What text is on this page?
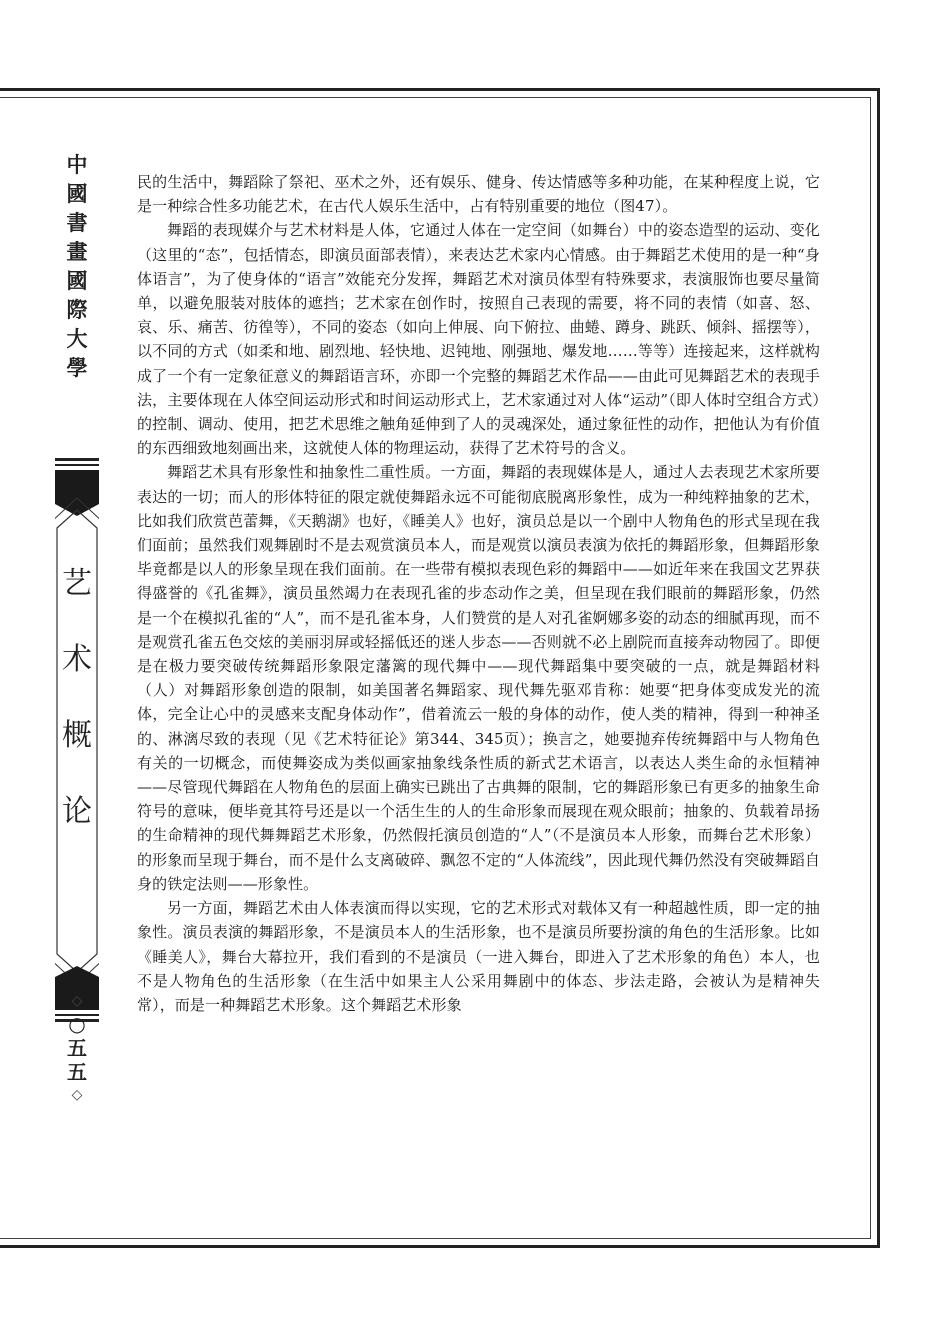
中
國
書
畫
國
際
大
學
艺
术
概
论
◇
○
五
五
◇

民的生活中，舞蹈除了祭祀、巫术之外，还有娱乐、健身、传达情感等多种功能，在某种程度上说，它是一种综合性多功能艺术，在古代人娱乐生活中，占有特别重要的地位（图47）。

舞蹈的表现媒介与艺术材料是人体，它通过人体在一定空间（如舞台）中的姿态造型的运动、变化（这里的“态”，包括情态，即演员面部表情），来表达艺术家内心情感。由于舞蹈艺术使用的是一种“身体语言”，为了使身体的“语言”效能充分发挥，舞蹈艺术对演员体型有特殊要求，表演服饰也要尽量简单，以避免服装对肢体的遮挡；艺术家在创作时，按照自己表现的需要，将不同的表情（如喜、怒、哀、乐、痛苦、彷徨等），不同的姿态（如向上伸展、向下俯拉、曲蜷、蹲身、跳跃、倾斜、摇摆等），以不同的方式（如柔和地、剧烈地、轻快地、迟钝地、刚强地、爆发地……等等）连接起来，这样就构成了一个有一定象征意义的舞蹈语言环，亦即一个完整的舞蹈艺术作品——由此可见舞蹈艺术的表现手法，主要体现在人体空间运动形式和时间运动形式上，艺术家通过对人体“运动”（即人体时空组合方式）的控制、调动、使用，把艺术思维之触角延伸到了人的灵魂深处，通过象征性的动作，把他认为有价值的东西细致地刻画出来，这就使人体的物理运动，获得了艺术符号的含义。

舞蹈艺术具有形象性和抽象性二重性质。一方面，舞蹈的表现媒体是人，通过人去表现艺术家所要表达的一切；而人的形体特征的限定就使舞蹈永远不可能彻底脱离形象性，成为一种纯粹抽象的艺术，比如我们欣赏芭蕾舞，《天鹅湖》也好，《睡美人》也好，演员总是以一个剧中人物角色的形式呈现在我们面前；虽然我们观舞剧时不是去观赏演员本人，而是观赏以演员表演为依托的舞蹈形象，但舞蹈形象毕竟都是以人的形象呈现在我们面前。在一些带有模拟表现色彩的舞蹈中——如近年来在我国文艺界获得盛誉的《孔雀舞》，演员虽然竭力在表现孔雀的步态动作之美，但呈现在我们眼前的舞蹈形象，仍然是一个在模拟孔雀的“人”，而不是孔雀本身，人们赞赏的是人对孔雀婀娜多姿的动态的细腻再现，而不是观赏孔雀五色交炫的美丽羽屏或轻摇低还的迷人步态——否则就不必上剧院而直接奔动物园了。即便是在极力要突破传统舞蹈形象限定藩篱的现代舞中——现代舞蹈集中要突破的一点，就是舞蹈材料（人）对舞蹈形象创造的限制，如美国著名舞蹈家、现代舞先驱邓肯称：她要“把身体变成发光的流体，完全让心中的灵感来支配身体动作”，借着流云一般的身体的动作，使人类的精神，得到一种神圣的、淋漓尽致的表现（见《艺术特征论》第344、345页）；换言之，她要抛弃传统舞蹈中与人物角色有关的一切概念，而使舞姿成为类似画家抽象线条性质的新式艺术语言，以表达人类生命的永恒精神——尽管现代舞蹈在人物角色的层面上确实已跳出了古典舞的限制，它的舞蹈形象已有更多的抽象生命符号的意味，便毕竟其符号还是以一个活生生的人的生命形象而展现在观众眼前；抽象的、负载着昂扬的生命精神的现代舞舞蹈艺术形象，仍然假托演员创造的“人”（不是演员本人形象，而舞台艺术形象）的形象而呈现于舞台，而不是什么支离破碎、飘忽不定的“人体流线”，因此现代舞仍然没有突破舞蹈自身的铁定法则——形象性。

另一方面，舞蹈艺术由人体表演而得以实现，它的艺术形式对载体又有一种超越性质，即一定的抽象性。演员表演的舞蹈形象，不是演员本人的生活形象，也不是演员所要扮演的角色的生活形象。比如《睡美人》，舞台大幕拉开，我们看到的不是演员（一进入舞台，即进入了艺术形象的角色）本人，也不是人物角色的生活形象（在生活中如果主人公采用舞剧中的体态、步法走路，会被认为是精神失常），而是一种舞蹈艺术形象。这个舞蹈艺术形象
